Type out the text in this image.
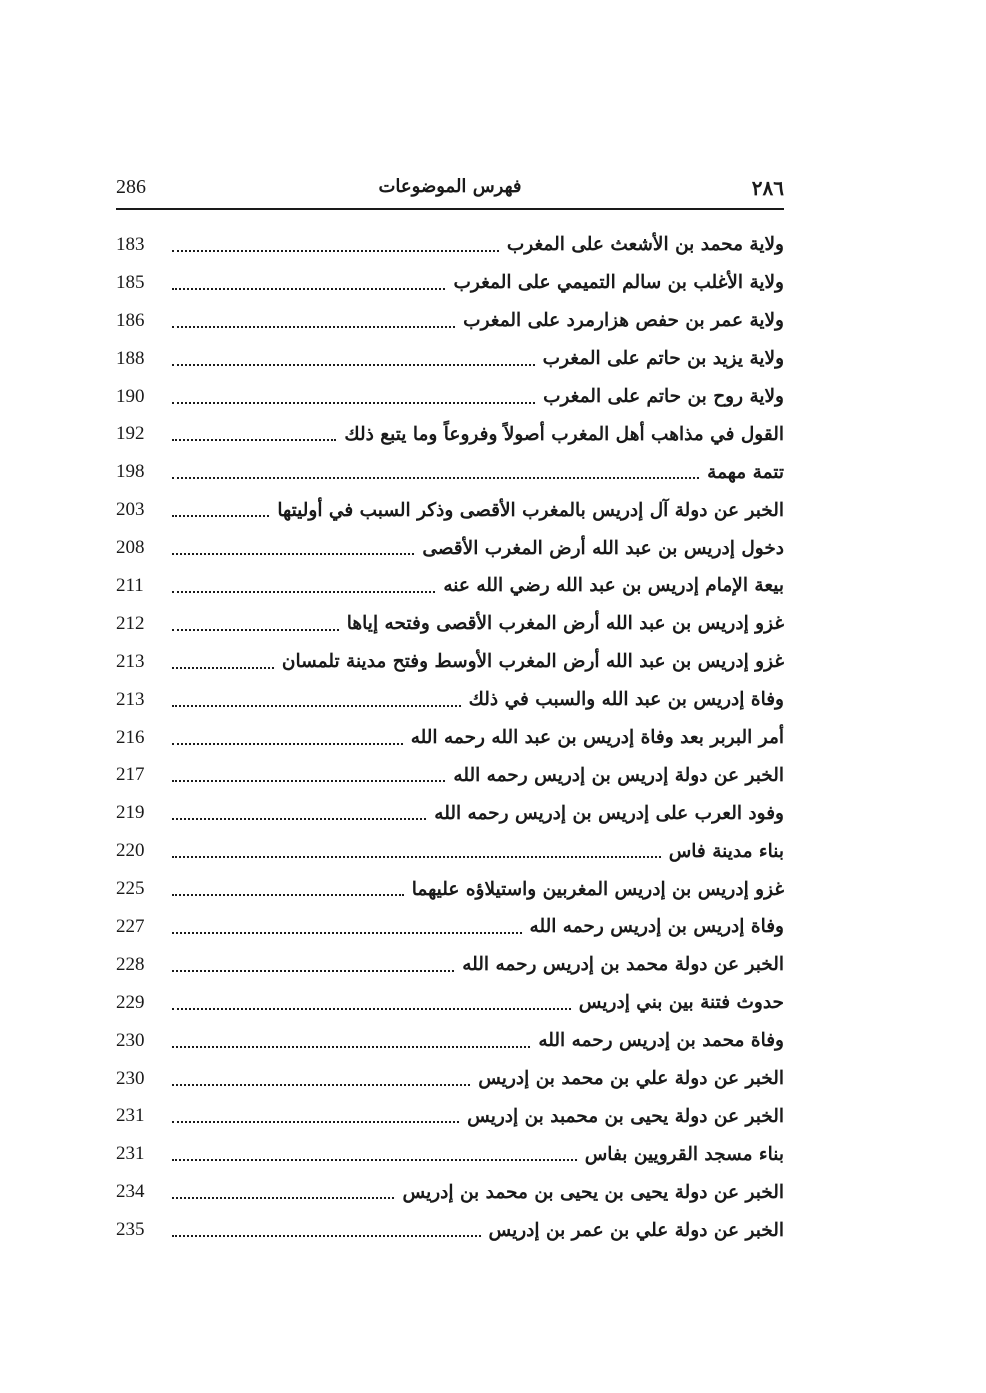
286	فهرس الموضوعات	٢٨٦
ولاية محمد بن الأشعث على المغرب
183
ولاية الأغلب بن سالم التميمي على المغرب
185
ولاية عمر بن حفص هزارمرد على المغرب
186
ولاية يزيد بن حاتم على المغرب
188
ولاية روح بن حاتم على المغرب
190
القول في مذاهب أهل المغرب أصولاً وفروعاً وما يتبع ذلك
192
تتمة مهمة
198
الخبر عن دولة آل إدريس بالمغرب الأقصى وذكر السبب في أوليتها
203
دخول إدريس بن عبد الله أرض المغرب الأقصى
208
بيعة الإمام إدريس بن عبد الله رضي الله عنه
211
غزو إدريس بن عبد الله أرض المغرب الأقصى وفتحه إياها
212
غزو إدريس بن عبد الله أرض المغرب الأوسط وفتح مدينة تلمسان
213
وفاة إدريس بن عبد الله والسبب في ذلك
213
أمر البربر بعد وفاة إدريس بن عبد الله رحمه الله
216
الخبر عن دولة إدريس بن إدريس رحمه الله
217
وفود العرب على إدريس بن إدريس رحمه الله
219
بناء مدينة فاس
220
غزو إدريس بن إدريس المغربين واستيلاؤه عليهما
225
وفاة إدريس بن إدريس رحمه الله
227
الخبر عن دولة محمد بن إدريس رحمه الله
228
حدوث فتنة بين بني إدريس
229
وفاة محمد بن إدريس رحمه الله
230
الخبر عن دولة علي بن محمد بن إدريس
230
الخبر عن دولة يحيى بن محمبد بن إدريس
231
بناء مسجد القرويين بفاس
231
الخبر عن دولة يحيى بن يحيى بن محمد بن إدريس
234
الخبر عن دولة علي بن عمر بن إدريس
235
